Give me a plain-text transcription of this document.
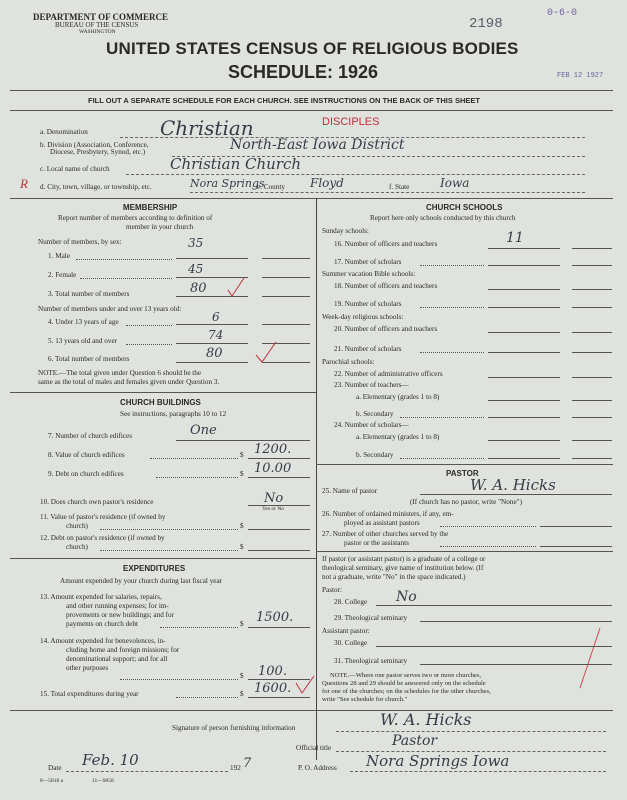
DEPARTMENT OF COMMERCE
BUREAU OF THE CENSUS
WASHINGTON
UNITED STATES CENSUS OF RELIGIOUS BODIES
SCHEDULE: 1926
2198
0-6-0
FEB 12 1927
FILL OUT A SEPARATE SCHEDULE FOR EACH CHURCH. SEE INSTRUCTIONS ON THE BACK OF THIS SHEET
a. Denomination	Christian	DISCIPLES
b. Division (Association, Conference,
Diocese, Presbytery, Synod, etc.)	North-East Iowa District
c. Local name of church	Christian Church
R d. City, town, village, or township, etc.	Nora Springs
e. County Floyd	f. State	Iowa
MEMBERSHIP
Report number of members according to definition of
member in your church
Number of members, by sex:	35
1. Male
2. Female	45
3. Total number of members	80
Number of members under and over 13 years old:
4. Under 13 years of age	6
5. 13 years old and over	74
6. Total number of members	80
NOTE.—The total given under Question 6 should be the
same as the total of males and females given under Question 3.
CHURCH BUILDINGS
See instructions, paragraphs 10 to 12
7. Number of church edifices	One
8. Value of church edifices	$ 1200.
9. Debt on church edifices	$ 10.00
10. Does church own pastor's residence	No
Yes or No
11. Value of pastor's residence (if owned by
church)	$
12. Debt on pastor's residence (if owned by
church)	$
EXPENDITURES
Amount expended by your church during last fiscal year
13. Amount expended for salaries, repairs,
and other running expenses; for im-
provements or new buildings; and for
payments on church debt	$ 1500.
14. Amount expended for benevolences, in-
cluding home and foreign missions; for
denominational support; and for all
other purposes
$ 100.
15. Total expenditures during year	$ 1600.
CHURCH SCHOOLS
Report here only schools conducted by this church
Sunday schools:
16. Number of officers and teachers	11
17. Number of scholars
Summer vacation Bible schools:
18. Number of officers and teachers
19. Number of scholars
Week-day religious schools:
20. Number of officers and teachers
21. Number of scholars
Parochial schools:
22. Number of administrative officers
23. Number of teachers—
a. Elementary (grades 1 to 8)
b. Secondary
24. Number of scholars—
a. Elementary (grades 1 to 8)
b. Secondary
PASTOR
25. Name of pastor	W. A. Hicks
(If church has no pastor, write "None")
26. Number of ordained ministers, if any, em-
ployed as assistant pastors
27. Number of other churches served by the
pastor or the assistants
If pastor (or assistant pastor) is a graduate of a college or
theological seminary, give name of institution below. (If
not a graduate, write "No" in the space indicated.)
Pastor:
28. College No
29. Theological seminary
Assistant pastor:
30. College
31. Theological seminary
NOTE.—Where one pastor serves two or more churches,
Questions 28 and 29 should be answered only on the schedule
for one of the churches; on the schedules for the other churches,
write "See schedule for church."
Signature of person furnishing information	W. A. Hicks
Official title	Pastor
Date Feb. 10	192 7	P. O. Address Nora Springs Iowa
8—5818 a	11—9058
